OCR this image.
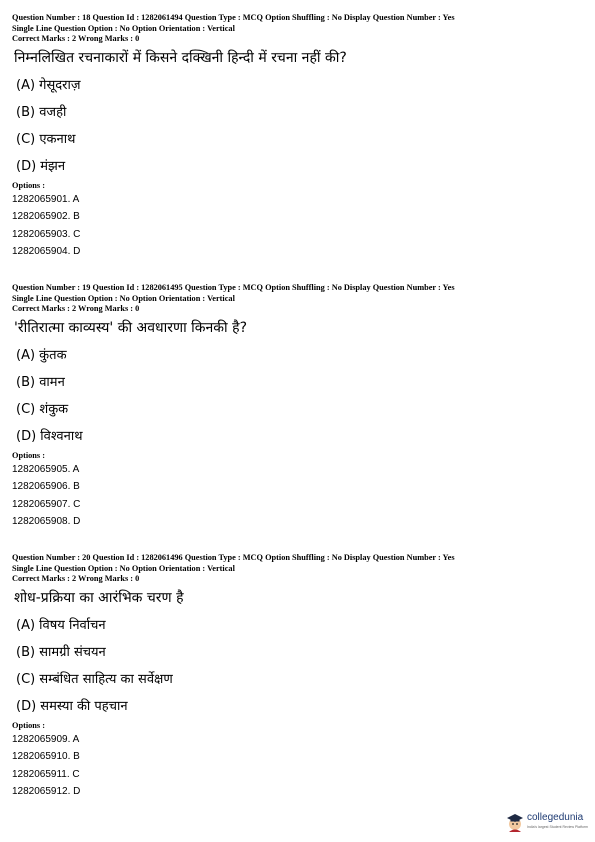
Question Number : 18 Question Id : 1282061494 Question Type : MCQ Option Shuffling : No Display Question Number : Yes
Single Line Question Option : No Option Orientation : Vertical
Correct Marks : 2 Wrong Marks : 0
निम्नलिखित रचनाकारों में किसने दक्खिनी हिन्दी में रचना नहीं की?
(A) गेसूदराज़
(B) वजही
(C) एकनाथ
(D) मंझन
Options :
1282065901. A
1282065902. B
1282065903. C
1282065904. D
Question Number : 19 Question Id : 1282061495 Question Type : MCQ Option Shuffling : No Display Question Number : Yes
Single Line Question Option : No Option Orientation : Vertical
Correct Marks : 2 Wrong Marks : 0
'रीतिरात्मा काव्यस्य' की अवधारणा किनकी है?
(A) कुंतक
(B) वामन
(C) शंकुक
(D) विश्वनाथ
Options :
1282065905. A
1282065906. B
1282065907. C
1282065908. D
Question Number : 20 Question Id : 1282061496 Question Type : MCQ Option Shuffling : No Display Question Number : Yes
Single Line Question Option : No Option Orientation : Vertical
Correct Marks : 2 Wrong Marks : 0
शोध-प्रक्रिया का आरंभिक चरण है
(A) विषय निर्वाचन
(B) सामग्री संचयन
(C) सम्बंधित साहित्य का सर्वेक्षण
(D) समस्या की पहचान
Options :
1282065909. A
1282065910. B
1282065911. C
1282065912. D
collegedunia
India's largest Student Review Platform
